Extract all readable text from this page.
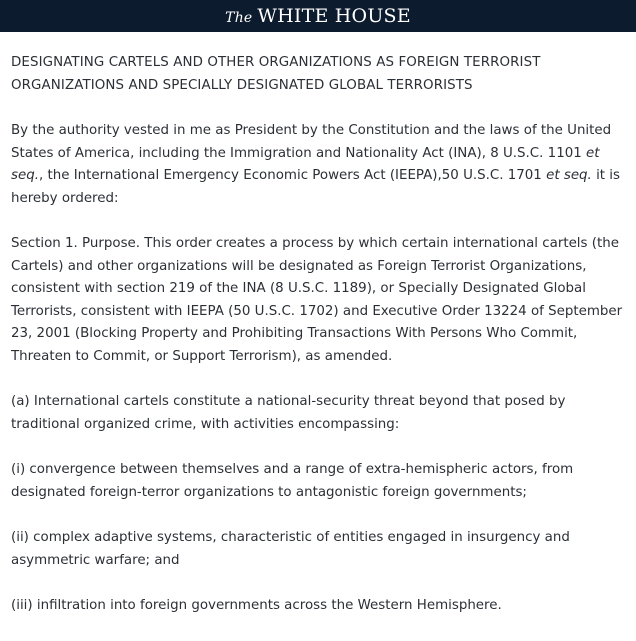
The WHITE HOUSE
DESIGNATING CARTELS AND OTHER ORGANIZATIONS AS FOREIGN TERRORIST ORGANIZATIONS AND SPECIALLY DESIGNATED GLOBAL TERRORISTS

By the authority vested in me as President by the Constitution and the laws of the United States of America, including the Immigration and Nationality Act (INA), 8 U.S.C. 1101 et seq., the International Emergency Economic Powers Act (IEEPA),50 U.S.C. 1701 et seq. it is hereby ordered:

Section 1. Purpose. This order creates a process by which certain international cartels (the Cartels) and other organizations will be designated as Foreign Terrorist Organizations, consistent with section 219 of the INA (8 U.S.C. 1189), or Specially Designated Global Terrorists, consistent with IEEPA (50 U.S.C. 1702) and Executive Order 13224 of September 23, 2001 (Blocking Property and Prohibiting Transactions With Persons Who Commit, Threaten to Commit, or Support Terrorism), as amended.

(a) International cartels constitute a national-security threat beyond that posed by traditional organized crime, with activities encompassing:

(i) convergence between themselves and a range of extra-hemispheric actors, from designated foreign-terror organizations to antagonistic foreign governments;

(ii) complex adaptive systems, characteristic of entities engaged in insurgency and asymmetric warfare; and

(iii) infiltration into foreign governments across the Western Hemisphere.
